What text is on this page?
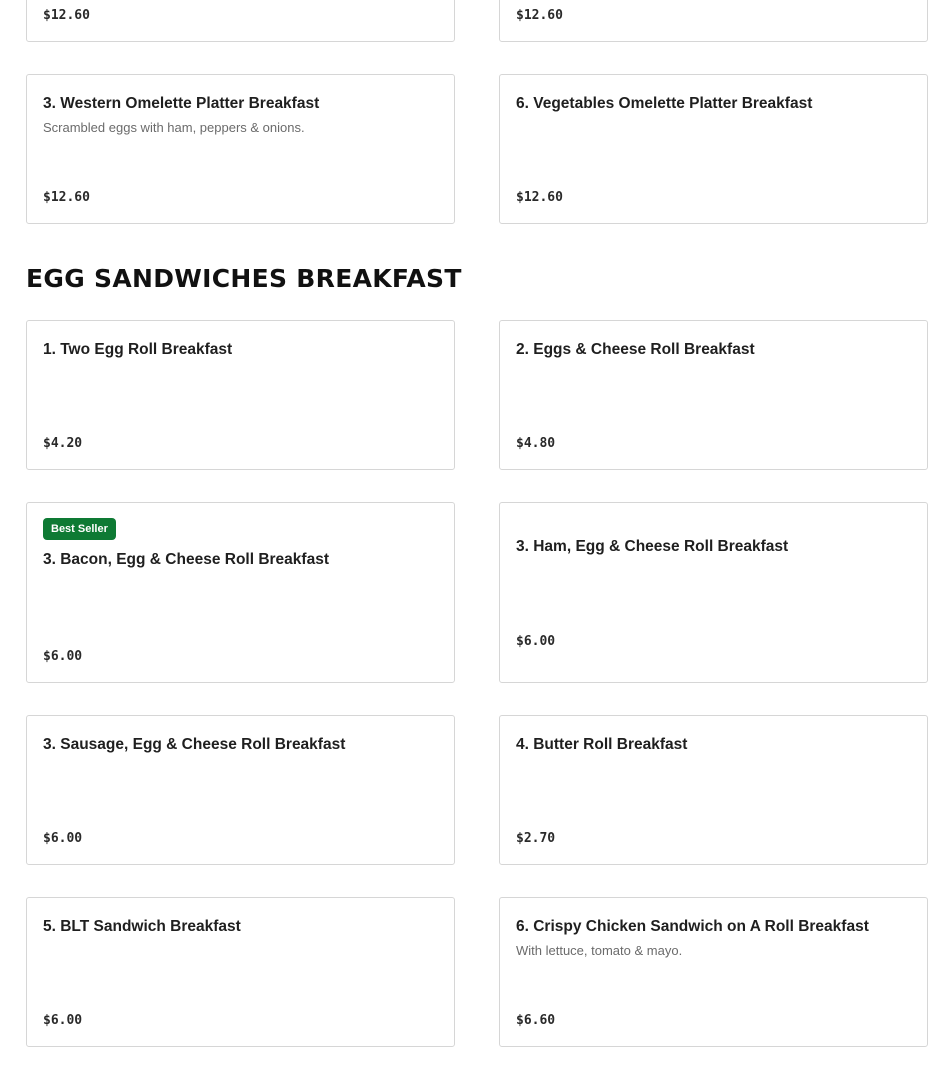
$12.60	$12.60
3. Western Omelette Platter Breakfast
Scrambled eggs with ham, peppers & onions.
$12.60
6. Vegetables Omelette Platter Breakfast
$12.60
EGG SANDWICHES BREAKFAST
1. Two Egg Roll Breakfast
$4.20
2. Eggs & Cheese Roll Breakfast
$4.80
Best Seller
3. Bacon, Egg & Cheese Roll Breakfast
$6.00
3. Ham, Egg & Cheese Roll Breakfast
$6.00
3. Sausage, Egg & Cheese Roll Breakfast
$6.00
4. Butter Roll Breakfast
$2.70
5. BLT Sandwich Breakfast
$6.00
6. Crispy Chicken Sandwich on A Roll Breakfast
With lettuce, tomato & mayo.
$6.60
